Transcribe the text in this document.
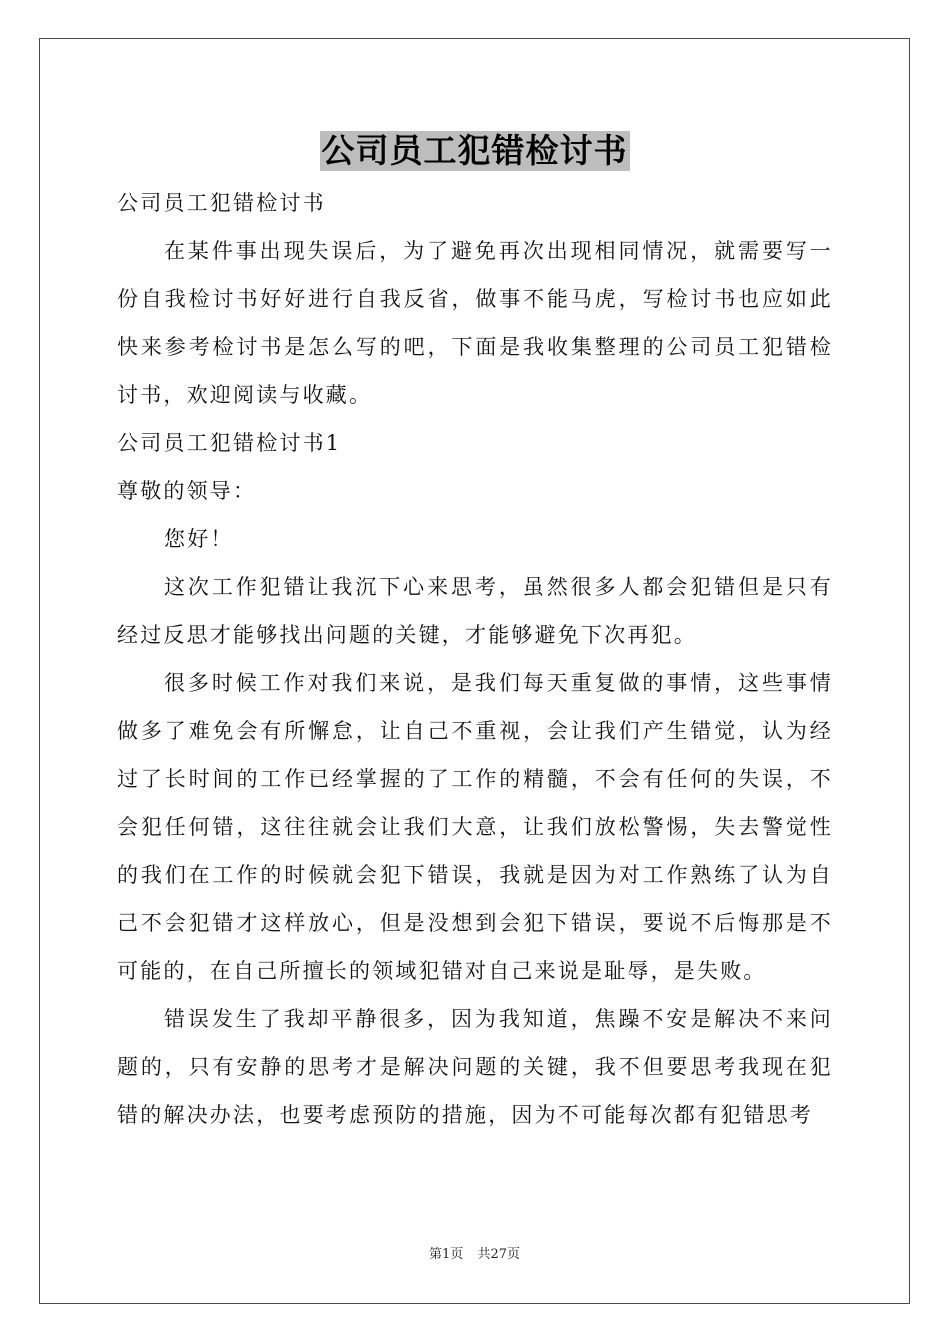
公司员工犯错检讨书

公司员工犯错检讨书

在某件事出现失误后，为了避免再次出现相同情况，就需要写一份自我检讨书好好进行自我反省，做事不能马虎，写检讨书也应如此快来参考检讨书是怎么写的吧，下面是我收集整理的公司员工犯错检讨书，欢迎阅读与收藏。

公司员工犯错检讨书1

尊敬的领导：

您好！

这次工作犯错让我沉下心来思考，虽然很多人都会犯错但是只有经过反思才能够找出问题的关键，才能够避免下次再犯。

很多时候工作对我们来说，是我们每天重复做的事情，这些事情做多了难免会有所懈怠，让自己不重视，会让我们产生错觉，认为经过了长时间的工作已经掌握的了工作的精髓，不会有任何的失误，不会犯任何错，这往往就会让我们大意，让我们放松警惕，失去警觉性的我们在工作的时候就会犯下错误，我就是因为对工作熟练了认为自己不会犯错才这样放心，但是没想到会犯下错误，要说不后悔那是不可能的，在自己所擅长的领域犯错对自己来说是耻辱，是失败。

错误发生了我却平静很多，因为我知道，焦躁不安是解决不来问题的，只有安静的思考才是解决问题的关键，我不但要思考我现在犯错的解决办法，也要考虑预防的措施，因为不可能每次都有犯错思考

第1页 共27页
